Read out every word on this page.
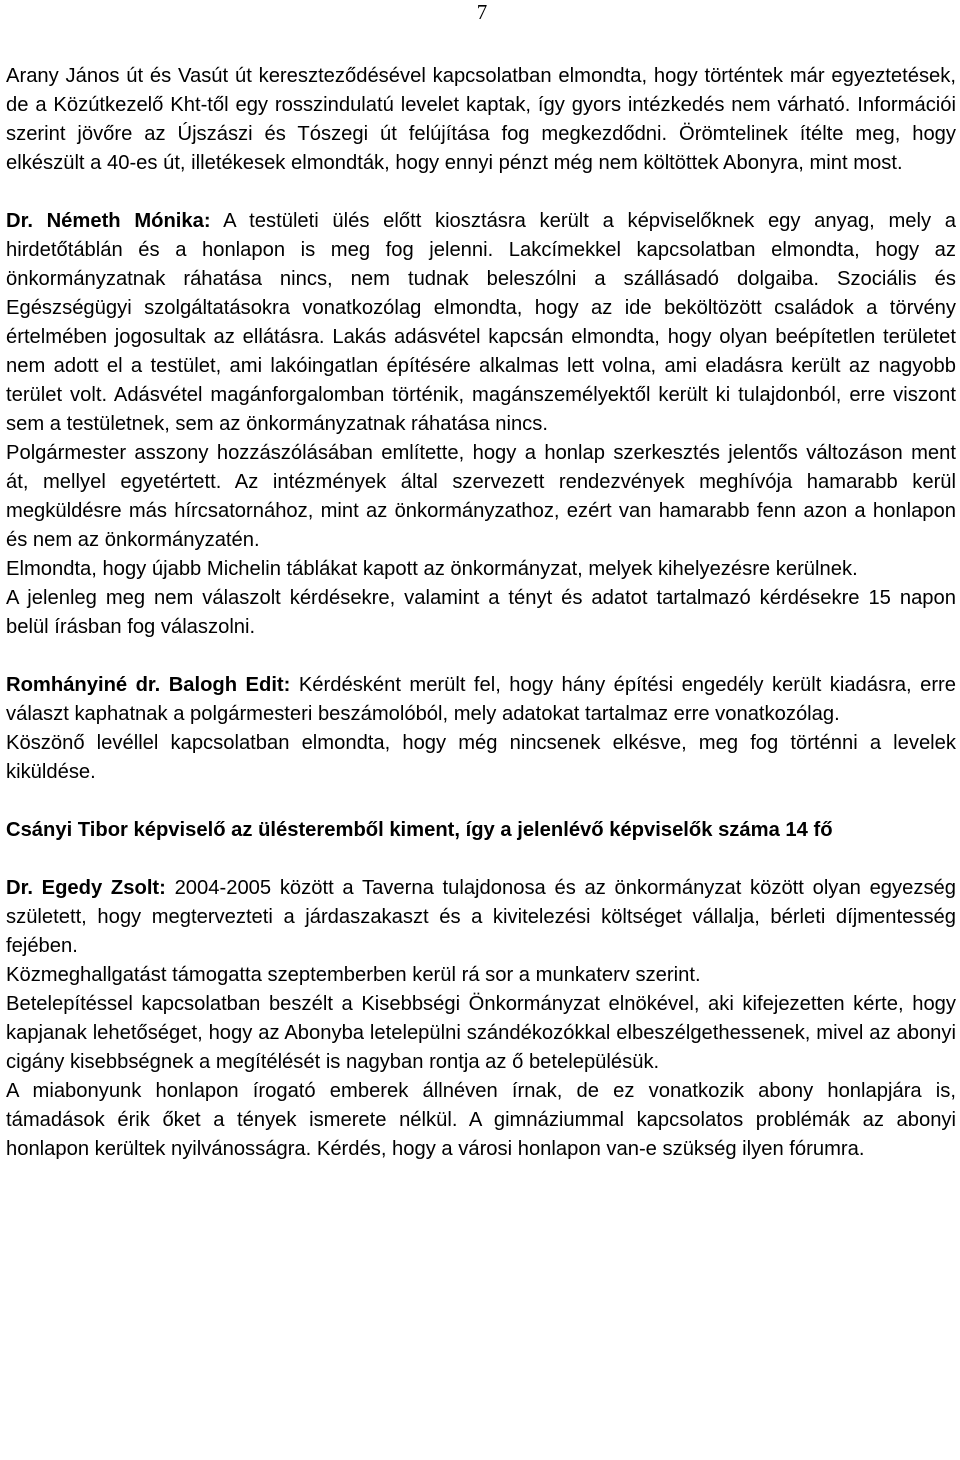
7

Arany János út és Vasút út kereszteződésével kapcsolatban elmondta, hogy történtek már egyeztetések, de a Közútkezelő Kht-től egy rosszindulatú levelet kaptak, így gyors intézkedés nem várható. Információi szerint jövőre az Újszászi és Tószegi út felújítása fog megkezdődni. Örömtelinek ítélte meg, hogy elkészült a 40-es út, illetékesek elmondták, hogy ennyi pénzt még nem költöttek Abonyra, mint most.

Dr. Németh Mónika: A testületi ülés előtt kiosztásra került a képviselőknek egy anyag, mely a hirdetőtáblán és a honlapon is meg fog jelenni. Lakcímekkel kapcsolatban elmondta, hogy az önkormányzatnak ráhatása nincs, nem tudnak beleszólni a szállásadó dolgaiba. Szociális és Egészségügyi szolgáltatásokra vonatkozólag elmondta, hogy az ide beköltözött családok a törvény értelmében jogosultak az ellátásra. Lakás adásvétel kapcsán elmondta, hogy olyan beépítetlen területet nem adott el a testület, ami lakóingatlan építésére alkalmas lett volna, ami eladásra került az nagyobb terület volt. Adásvétel magánforgalomban történik, magánszemélyektől került ki tulajdonból, erre viszont sem a testületnek, sem az önkormányzatnak ráhatása nincs.

Polgármester asszony hozzászólásában említette, hogy a honlap szerkesztés jelentős változáson ment át, mellyel egyetértett. Az intézmények által szervezett rendezvények meghívója hamarabb kerül megküldésre más hírcsatornához, mint az önkormányzathoz, ezért van hamarabb fenn azon a honlapon és nem az önkormányzatén.

Elmondta, hogy újabb Michelin táblákat kapott az önkormányzat, melyek kihelyezésre kerülnek.

A jelenleg meg nem válaszolt kérdésekre, valamint a tényt és adatot tartalmazó kérdésekre 15 napon belül írásban fog válaszolni.

Romhányiné dr. Balogh Edit: Kérdésként merült fel, hogy hány építési engedély került kiadásra, erre választ kaphatnak a polgármesteri beszámolóból, mely adatokat tartalmaz erre vonatkozólag.

Köszönő levéllel kapcsolatban elmondta, hogy még nincsenek elkésve, meg fog történni a levelek kiküldése.

Csányi Tibor képviselő az ülésteremből kiment, így a jelenlévő képviselők száma 14 fő

Dr. Egedy Zsolt: 2004-2005 között a Taverna tulajdonosa és az önkormányzat között olyan egyezség született, hogy megtervezteti a járdaszakaszt és a kivitelezési költséget vállalja, bérleti díjmentesség fejében.

Közmeghallgatást támogatta szeptemberben kerül rá sor a munkaterv szerint.

Betelepítéssel kapcsolatban beszélt a Kisebbségi Önkormányzat elnökével, aki kifejezetten kérte, hogy kapjanak lehetőséget, hogy az Abonyba letelepülni szándékozókkal elbeszélgethessenek, mivel az abonyi cigány kisebbségnek a megítélését is nagyban rontja az ő betelepülésük.

A miabonyunk honlapon írogató emberek állnéven írnak, de ez vonatkozik abony honlapjára is, támadások érik őket a tények ismerete nélkül. A gimnáziummal kapcsolatos problémák az abonyi honlapon kerültek nyilvánosságra. Kérdés, hogy a városi honlapon van-e szükség ilyen fórumra.
